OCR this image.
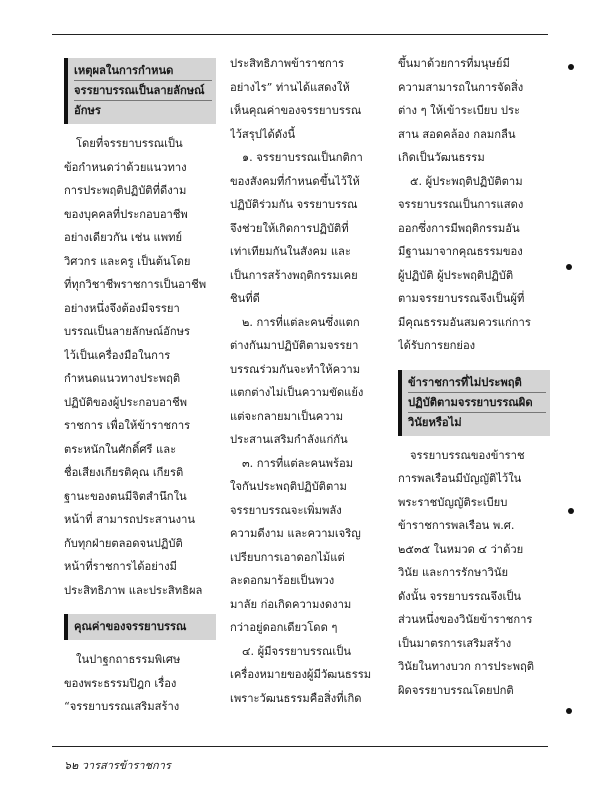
เหตุผลในการกำหนด
จรรยาบรรณเป็นลายลักษณ์
อักษร
โดยที่จรรยาบรรณเป็น
ข้อกำหนดว่าด้วยแนวทาง
การประพฤติปฏิบัติที่ดีงาม
ของบุคคลที่ประกอบอาชีพ
อย่างเดียวกัน เช่น แพทย์
วิศวกร และครู เป็นต้นโดย
ที่ทุกวิชาชีพราชการเป็นอาชีพ
อย่างหนึ่งจึงต้องมีจรรยา
บรรณเป็นลายลักษณ์อักษร
ไว้เป็นเครื่องมือในการ
กำหนดแนวทางประพฤติ
ปฏิบัติของผู้ประกอบอาชีพ
ราชการ เพื่อให้ข้าราชการ
ตระหนักในศักดิ์ศรี และ
ชื่อเสียงเกียรติคุณ เกียรติ
ฐานะของตนมีจิตสำนึกใน
หน้าที่ สามารถประสานงาน
กับทุกฝ่ายตลอดจนปฏิบัติ
หน้าที่ราชการได้อย่างมี
ประสิทธิภาพ และประสิทธิผล
คุณค่าของจรรยาบรรณ
ในปาฐกถาธรรมพิเศษ
ของพระธรรมปิฎก เรื่อง
“จรรยาบรรณเสริมสร้าง
ประสิทธิภาพข้าราชการ
อย่างไร” ท่านได้แสดงให้
เห็นคุณค่าของจรรยาบรรณ
ไว้สรุปได้ดังนี้
๑. จรรยาบรรณเป็นกติกา
ของสังคมที่กำหนดขึ้นไว้ให้
ปฏิบัติร่วมกัน จรรยาบรรณ
จึงช่วยให้เกิดการปฏิบัติที่
เท่าเทียมกันในสังคม และ
เป็นการสร้างพฤติกรรมเคย
ชินที่ดี
๒. การที่แต่ละคนซึ่งแตก
ต่างกันมาปฏิบัติตามจรรยา
บรรณร่วมกันจะทำให้ความ
แตกต่างไม่เป็นความขัดแย้ง
แต่จะกลายมาเป็นความ
ประสานเสริมกำลังแก่กัน
๓. การที่แต่ละคนพร้อม
ใจกันประพฤติปฏิบัติตาม
จรรยาบรรณจะเพิ่มพลัง
ความดีงาม และความเจริญ
เปรียบการเอาดอกไม้แต่
ละดอกมาร้อยเป็นพวง
มาลัย ก่อเกิดความงดงาม
กว่าอยู่ดอกเดียวโดด ๆ
๔. ผู้มีจรรยาบรรณเป็น
เครื่องหมายของผู้มีวัฒนธรรม
เพราะวัฒนธรรมคือสิ่งที่เกิด
ขึ้นมาด้วยการที่มนุษย์มี
ความสามารถในการจัดสิ่ง
ต่าง ๆ ให้เข้าระเบียบ ประ
สาน สอดคล้อง กลมกลืน
เกิดเป็นวัฒนธรรม
๕. ผู้ประพฤติปฏิบัติตาม
จรรยาบรรณเป็นการแสดง
ออกซึ่งการมีพฤติกรรมอัน
มีฐานมาจากคุณธรรมของ
ผู้ปฏิบัติ ผู้ประพฤติปฏิบัติ
ตามจรรยาบรรณจึงเป็นผู้ที่
มีคุณธรรมอันสมควรแก่การ
ได้รับการยกย่อง
ข้าราชการที่ไม่ประพฤติ
ปฏิบัติตามจรรยาบรรณผิด
วินัยหรือไม่
จรรยาบรรณของข้าราช
การพลเรือนมีบัญญัติไว้ใน
พระราชบัญญัติระเบียบ
ข้าราชการพลเรือน พ.ศ.
๒๕๓๕ ในหมวด ๔ ว่าด้วย
วินัย และการรักษาวินัย
ดังนั้น จรรยาบรรณจึงเป็น
ส่วนหนึ่งของวินัยข้าราชการ
เป็นมาตรการเสริมสร้าง
วินัยในทางบวก การประพฤติ
ผิดจรรยาบรรณโดยปกติ
๖๒ วารสารข้าราชการ
